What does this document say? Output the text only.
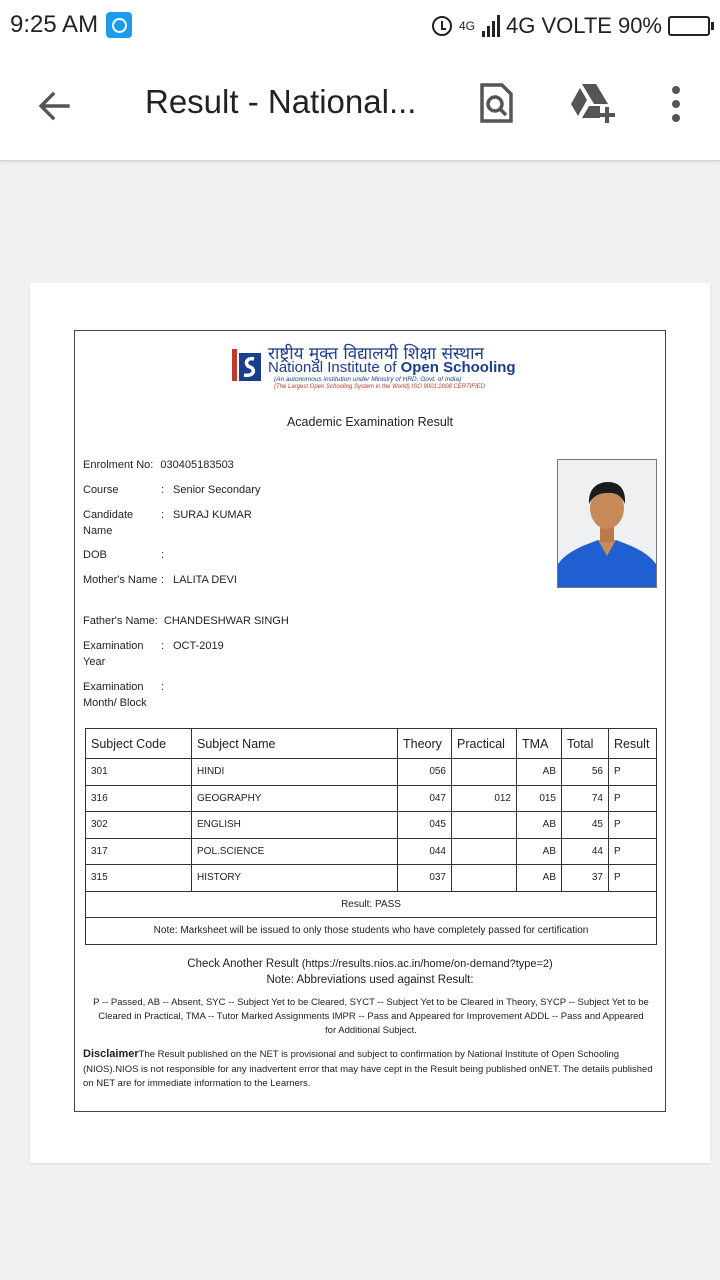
9:25 AM	4G 4G VOLTE 90%
Result - National...
राष्ट्रीय मुक्त विद्यालयी शिक्षा संस्थान
National Institute of Open Schooling
(An autonomous institution under Ministry of HRD, Govt. of India)
(The Largest Open Schooling System in the World) ISO 9001:2008 CERTIFIED
Academic Examination Result
Enrolment No: 030405183503
Course	: Senior Secondary
Candidate Name: SURAJ KUMAR
DOB	:
Mother's Name : LALITA DEVI
Father's Name: CHANDESHWAR SINGH
Examination Year: OCT-2019
Examination Month/ Block:
Subject Code	Subject Name	Theory	Practical	TMA	Total	Result
301	HINDI	056		AB	56	P
316	GEOGRAPHY	047	012	015	74	P
302	ENGLISH	045		AB	45	P
317	POL.SCIENCE	044		AB	44	P
315	HISTORY	037		AB	37	P
Result: PASS						
Note: Marksheet will be issued to only those students who have completely passed for certification						
Check Another Result (https://results.nios.ac.in/home/on-demand?type=2)
Note: Abbreviations used against Result:
P -- Passed, AB -- Absent, SYC -- Subject Yet to be Cleared, SYCT -- Subject Yet to be Cleared in Theory, SYCP -- Subject Yet to be Cleared in Practical, TMA -- Tutor Marked Assignments IMPR -- Pass and Appeared for Improvement ADDL -- Pass and Appeared for Additional Subject.
DisclaimerThe Result published on the NET is provisional and subject to confirmation by National Institute of Open Schooling (NIOS).NIOS is not responsible for any inadvertent error that may have cept in the Result being published onNET. The details published on NET are for immediate information to the Learners.
